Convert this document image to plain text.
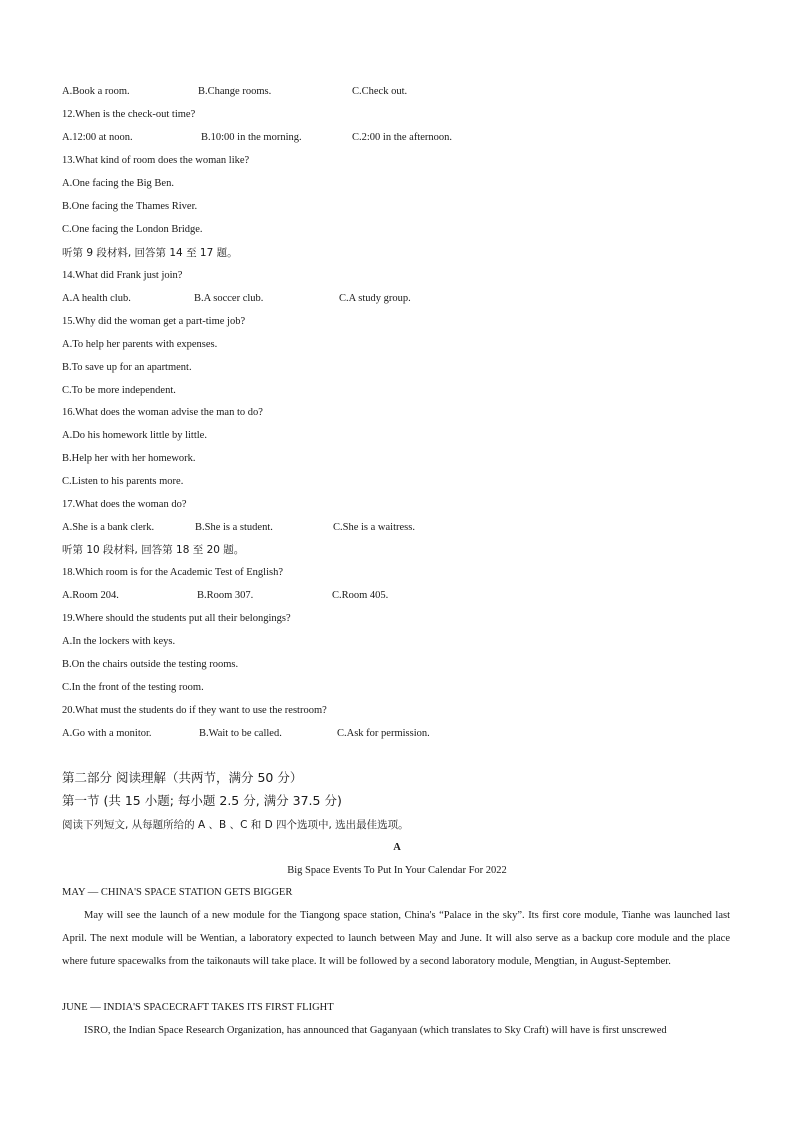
A.Book a room.	B.Change rooms.	C.Check out.
12.When is the check-out time?
A.12:00 at noon.	B.10:00 in the morning.	C.2:00 in the afternoon.
13.What kind of room does the woman like?
A.One facing the Big Ben.
B.One facing the Thames River.
C.One facing the London Bridge.
听第 9 段材料, 回答第 14 至 17 题。
14.What did Frank just join?
A.A health club.	B.A soccer club.	C.A study group.
15.Why did the woman get a part-time job?
A.To help her parents with expenses.
B.To save up for an apartment.
C.To be more independent.
16.What does the woman advise the man to do?
A.Do his homework little by little.
B.Help her with her homework.
C.Listen to his parents more.
17.What does the woman do?
A.She is a bank clerk.	B.She is a student.	C.She is a waitress.
听第 10 段材料, 回答第 18 至 20 题。
18.Which room is for the Academic Test of English?
A.Room 204.	B.Room 307.	C.Room 405.
19.Where should the students put all their belongings?
A.In the lockers with keys.
B.On the chairs outside the testing rooms.
C.In the front of the testing room.
20.What must the students do if they want to use the restroom?
A.Go with a monitor.	B.Wait to be called.	C.Ask for permission.
第二部分 阅读理解（共两节，满分 50 分）
第一节 (共 15 小题; 每小题 2.5 分, 满分 37.5 分)
阅读下列短文, 从每题所给的 A 、B 、C 和 D 四个选项中, 选出最佳选项。
A
Big Space Events To Put In Your Calendar For 2022
MAY — CHINA'S SPACE STATION GETS BIGGER
May will see the launch of a new module for the Tiangong space station, China's “Palace in the sky”. Its first core module, Tianhe was launched last April. The next module will be Wentian, a laboratory expected to launch between May and June. It will also serve as a backup core module and the place where future spacewalks from the taikonauts will take place. It will be followed by a second laboratory module, Mengtian, in August-September.
JUNE — INDIA'S SPACECRAFT TAKES ITS FIRST FLIGHT
ISRO, the Indian Space Research Organization, has announced that Gaganyaan (which translates to Sky Craft) will have is first unscrewed
